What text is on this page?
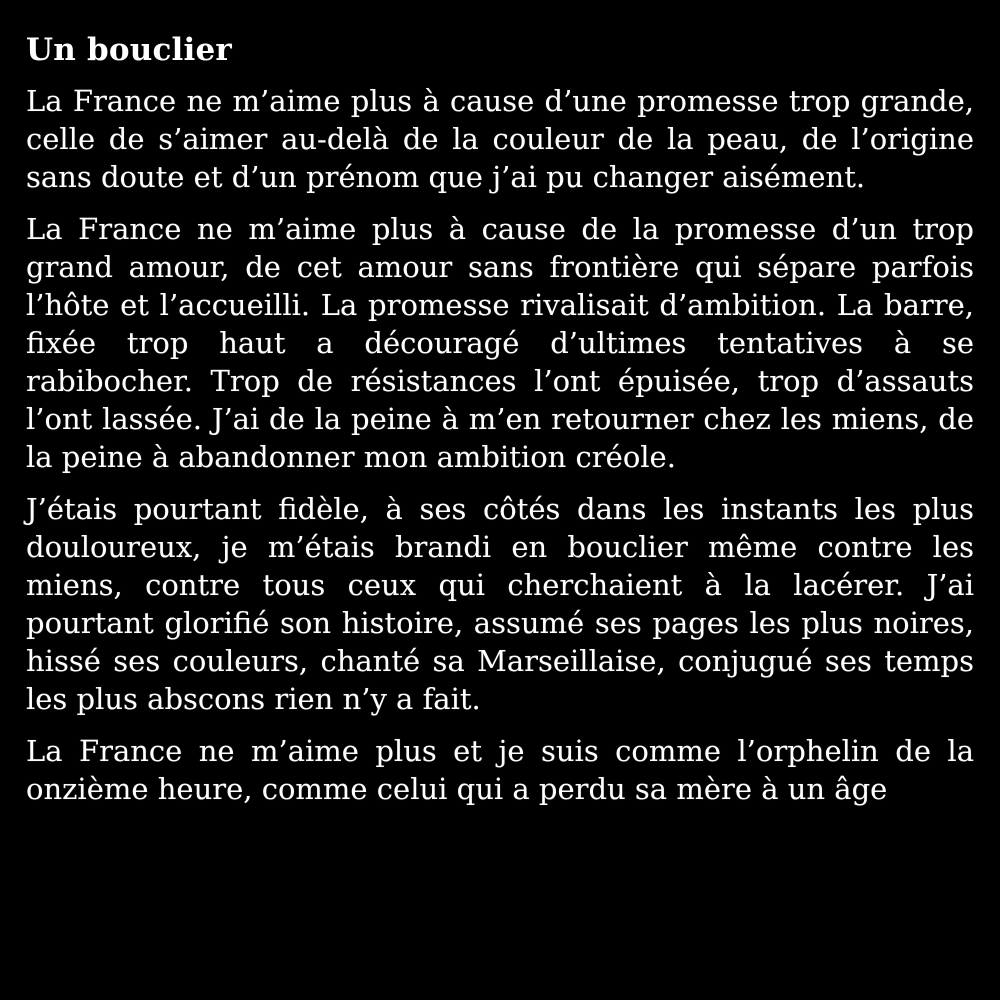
Un bouclier

La France ne m’aime plus à cause d’une promesse trop grande, celle de s’aimer au-delà de la couleur de la peau, de l’origine sans doute et d’un prénom que j’ai pu changer aisément.

La France ne m’aime plus à cause de la promesse d’un trop grand amour, de cet amour sans frontière qui sépare parfois l’hôte et l’accueilli. La promesse rivalisait d’ambition. La barre, fixée trop haut a découragé d’ultimes tentatives à se rabibocher. Trop de résistances l’ont épuisée, trop d’assauts l’ont lassée. J’ai de la peine à m’en retourner chez les miens, de la peine à abandonner mon ambition créole.

J’étais pourtant fidèle, à ses côtés dans les instants les plus douloureux, je m’étais brandi en bouclier même contre les miens, contre tous ceux qui cherchaient à la lacérer. J’ai pourtant glorifié son histoire, assumé ses pages les plus noires, hissé ses couleurs, chanté sa Marseillaise, conjugué ses temps les plus abscons rien n’y a fait.

La France ne m’aime plus et je suis comme l’orphelin de la onzième heure, comme celui qui a perdu sa mère à un âge
